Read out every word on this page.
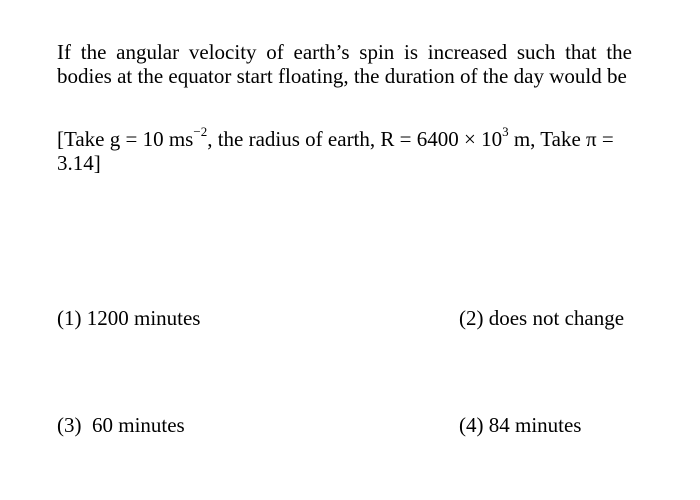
If the angular velocity of earth’s spin is increased such that the bodies at the equator start floating, the duration of the day would be

[Take g = 10 $ms^{-2}$, the radius of earth, $R = 6400 \times 10^3$ m, Take π = 3.14]

(1) 1200 minutes	(2) does not change
(3)  60 minutes	(4) 84 minutes
